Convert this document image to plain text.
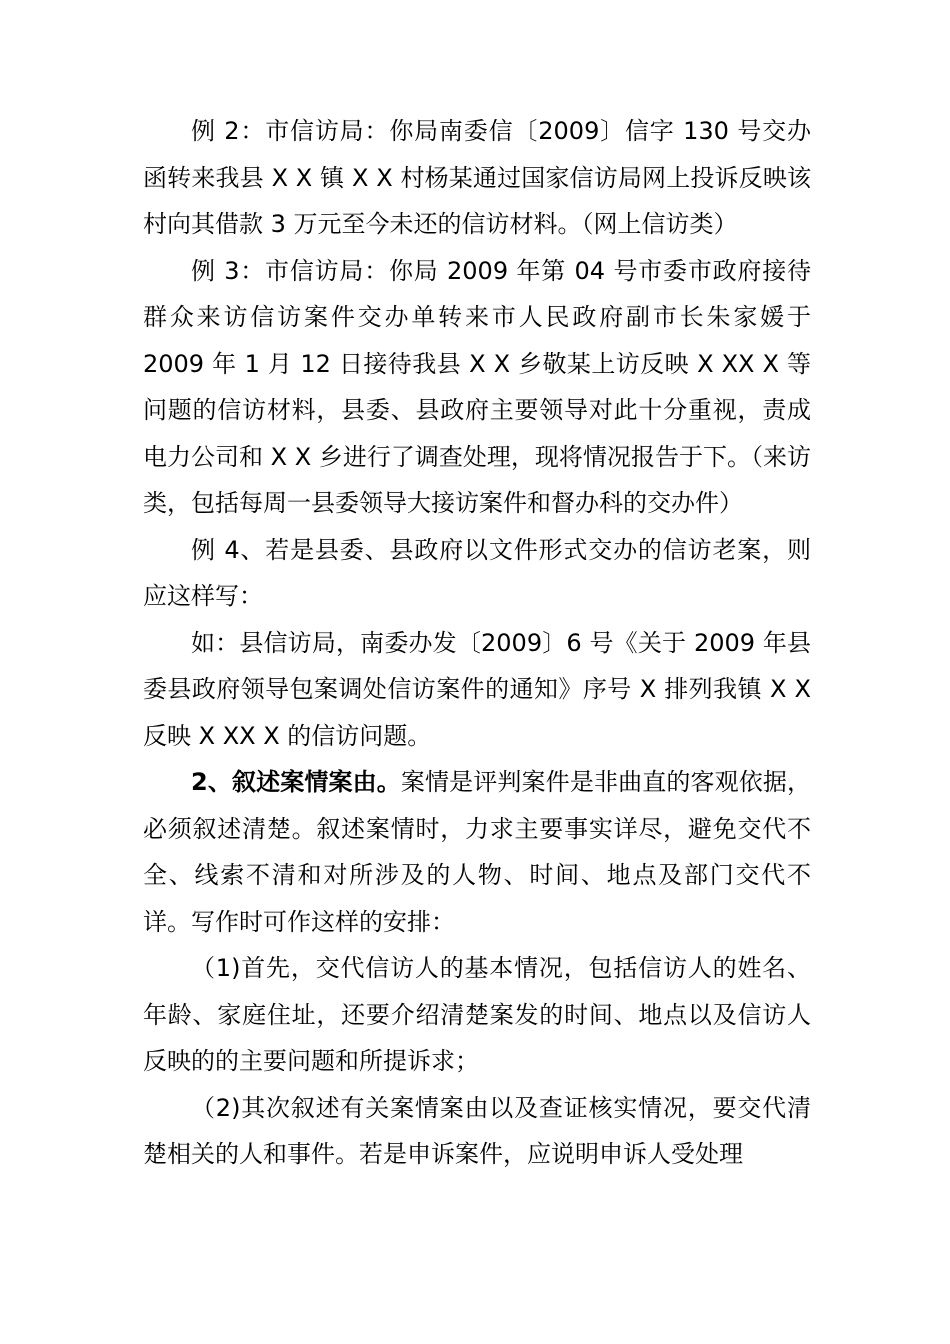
例 2：市信访局：你局南委信〔2009〕信字 130 号交办函转来我县 X X 镇 X X 村杨某通过国家信访局网上投诉反映该村向其借款 3 万元至今未还的信访材料。（网上信访类）

例 3：市信访局：你局 2009 年第 04 号市委市政府接待群众来访信访案件交办单转来市人民政府副市长朱家媛于 2009 年 1 月 12 日接待我县 X X 乡敬某上访反映 X XX X 等问题的信访材料，县委、县政府主要领导对此十分重视，责成电力公司和 X X 乡进行了调查处理，现将情况报告于下。（来访类，包括每周一县委领导大接访案件和督办科的交办件）

例 4、若是县委、县政府以文件形式交办的信访老案，则应这样写：

如：县信访局，南委办发〔2009〕6 号《关于 2009 年县委县政府领导包案调处信访案件的通知》序号 X 排列我镇 X X 反映 X XX X 的信访问题。

2、叙述案情案由。案情是评判案件是非曲直的客观依据，必须叙述清楚。叙述案情时，力求主要事实详尽，避免交代不全、线索不清和对所涉及的人物、时间、地点及部门交代不详。写作时可作这样的安排：

（1)首先，交代信访人的基本情况，包括信访人的姓名、年龄、家庭住址，还要介绍清楚案发的时间、地点以及信访人反映的的主要问题和所提诉求；

（2)其次叙述有关案情案由以及查证核实情况，要交代清楚相关的人和事件。若是申诉案件，应说明申诉人受处理
